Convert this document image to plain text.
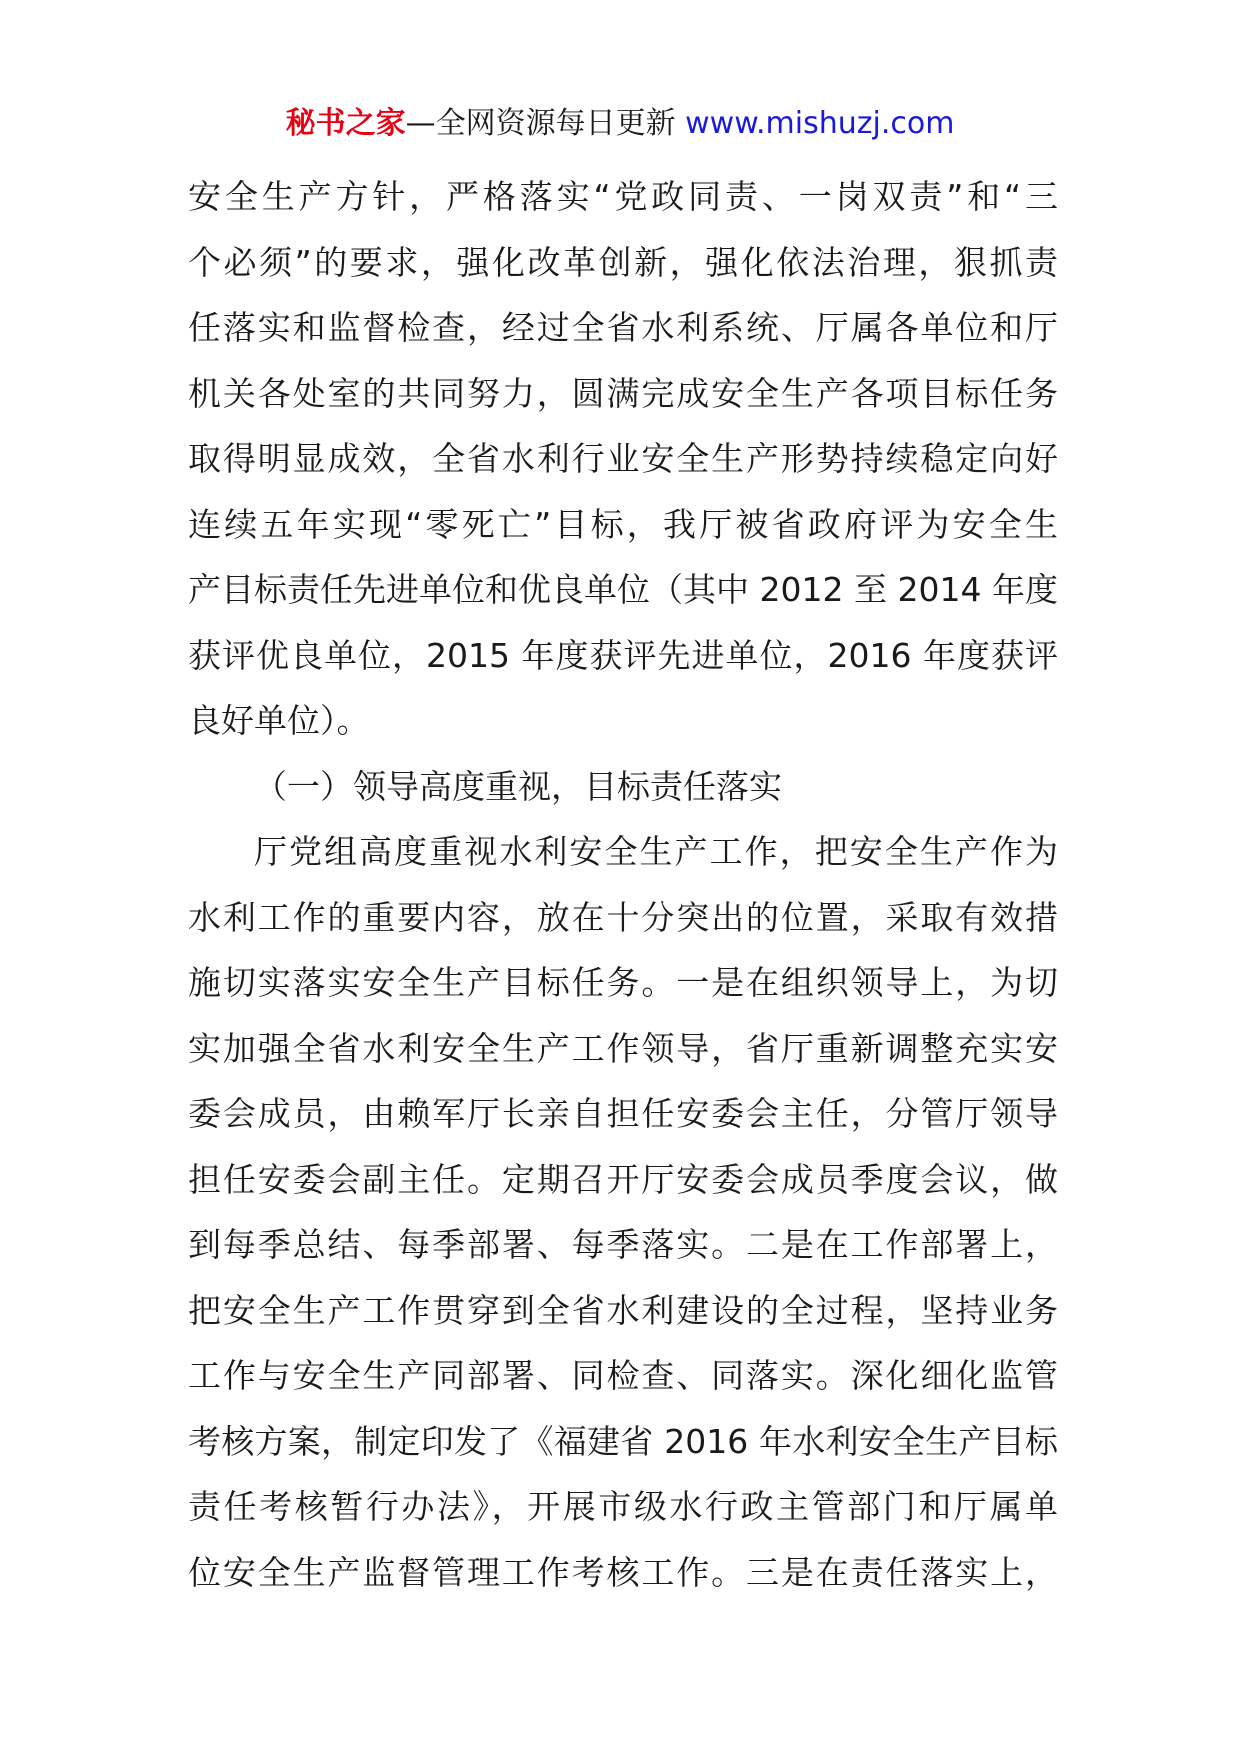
秘书之家—全网资源每日更新 www.mishuzj.com
安全生产方针，严格落实“党政同责、一岗双责”和“三
个必须”的要求，强化改革创新，强化依法治理，狠抓责
任落实和监督检查，经过全省水利系统、厅属各单位和厅
机关各处室的共同努力，圆满完成安全生产各项目标任务
取得明显成效，全省水利行业安全生产形势持续稳定向好
连续五年实现“零死亡”目标，我厅被省政府评为安全生
产目标责任先进单位和优良单位（其中 2012 至 2014 年度
获评优良单位，2015 年度获评先进单位，2016 年度获评
良好单位）。
（一）领导高度重视，目标责任落实
厅党组高度重视水利安全生产工作，把安全生产作为
水利工作的重要内容，放在十分突出的位置，采取有效措
施切实落实安全生产目标任务。一是在组织领导上，为切
实加强全省水利安全生产工作领导，省厅重新调整充实安
委会成员，由赖军厅长亲自担任安委会主任，分管厅领导
担任安委会副主任。定期召开厅安委会成员季度会议，做
到每季总结、每季部署、每季落实。二是在工作部署上，
把安全生产工作贯穿到全省水利建设的全过程，坚持业务
工作与安全生产同部署、同检查、同落实。深化细化监管
考核方案，制定印发了《福建省 2016 年水利安全生产目标
责任考核暂行办法》，开展市级水行政主管部门和厅属单
位安全生产监督管理工作考核工作。三是在责任落实上，
